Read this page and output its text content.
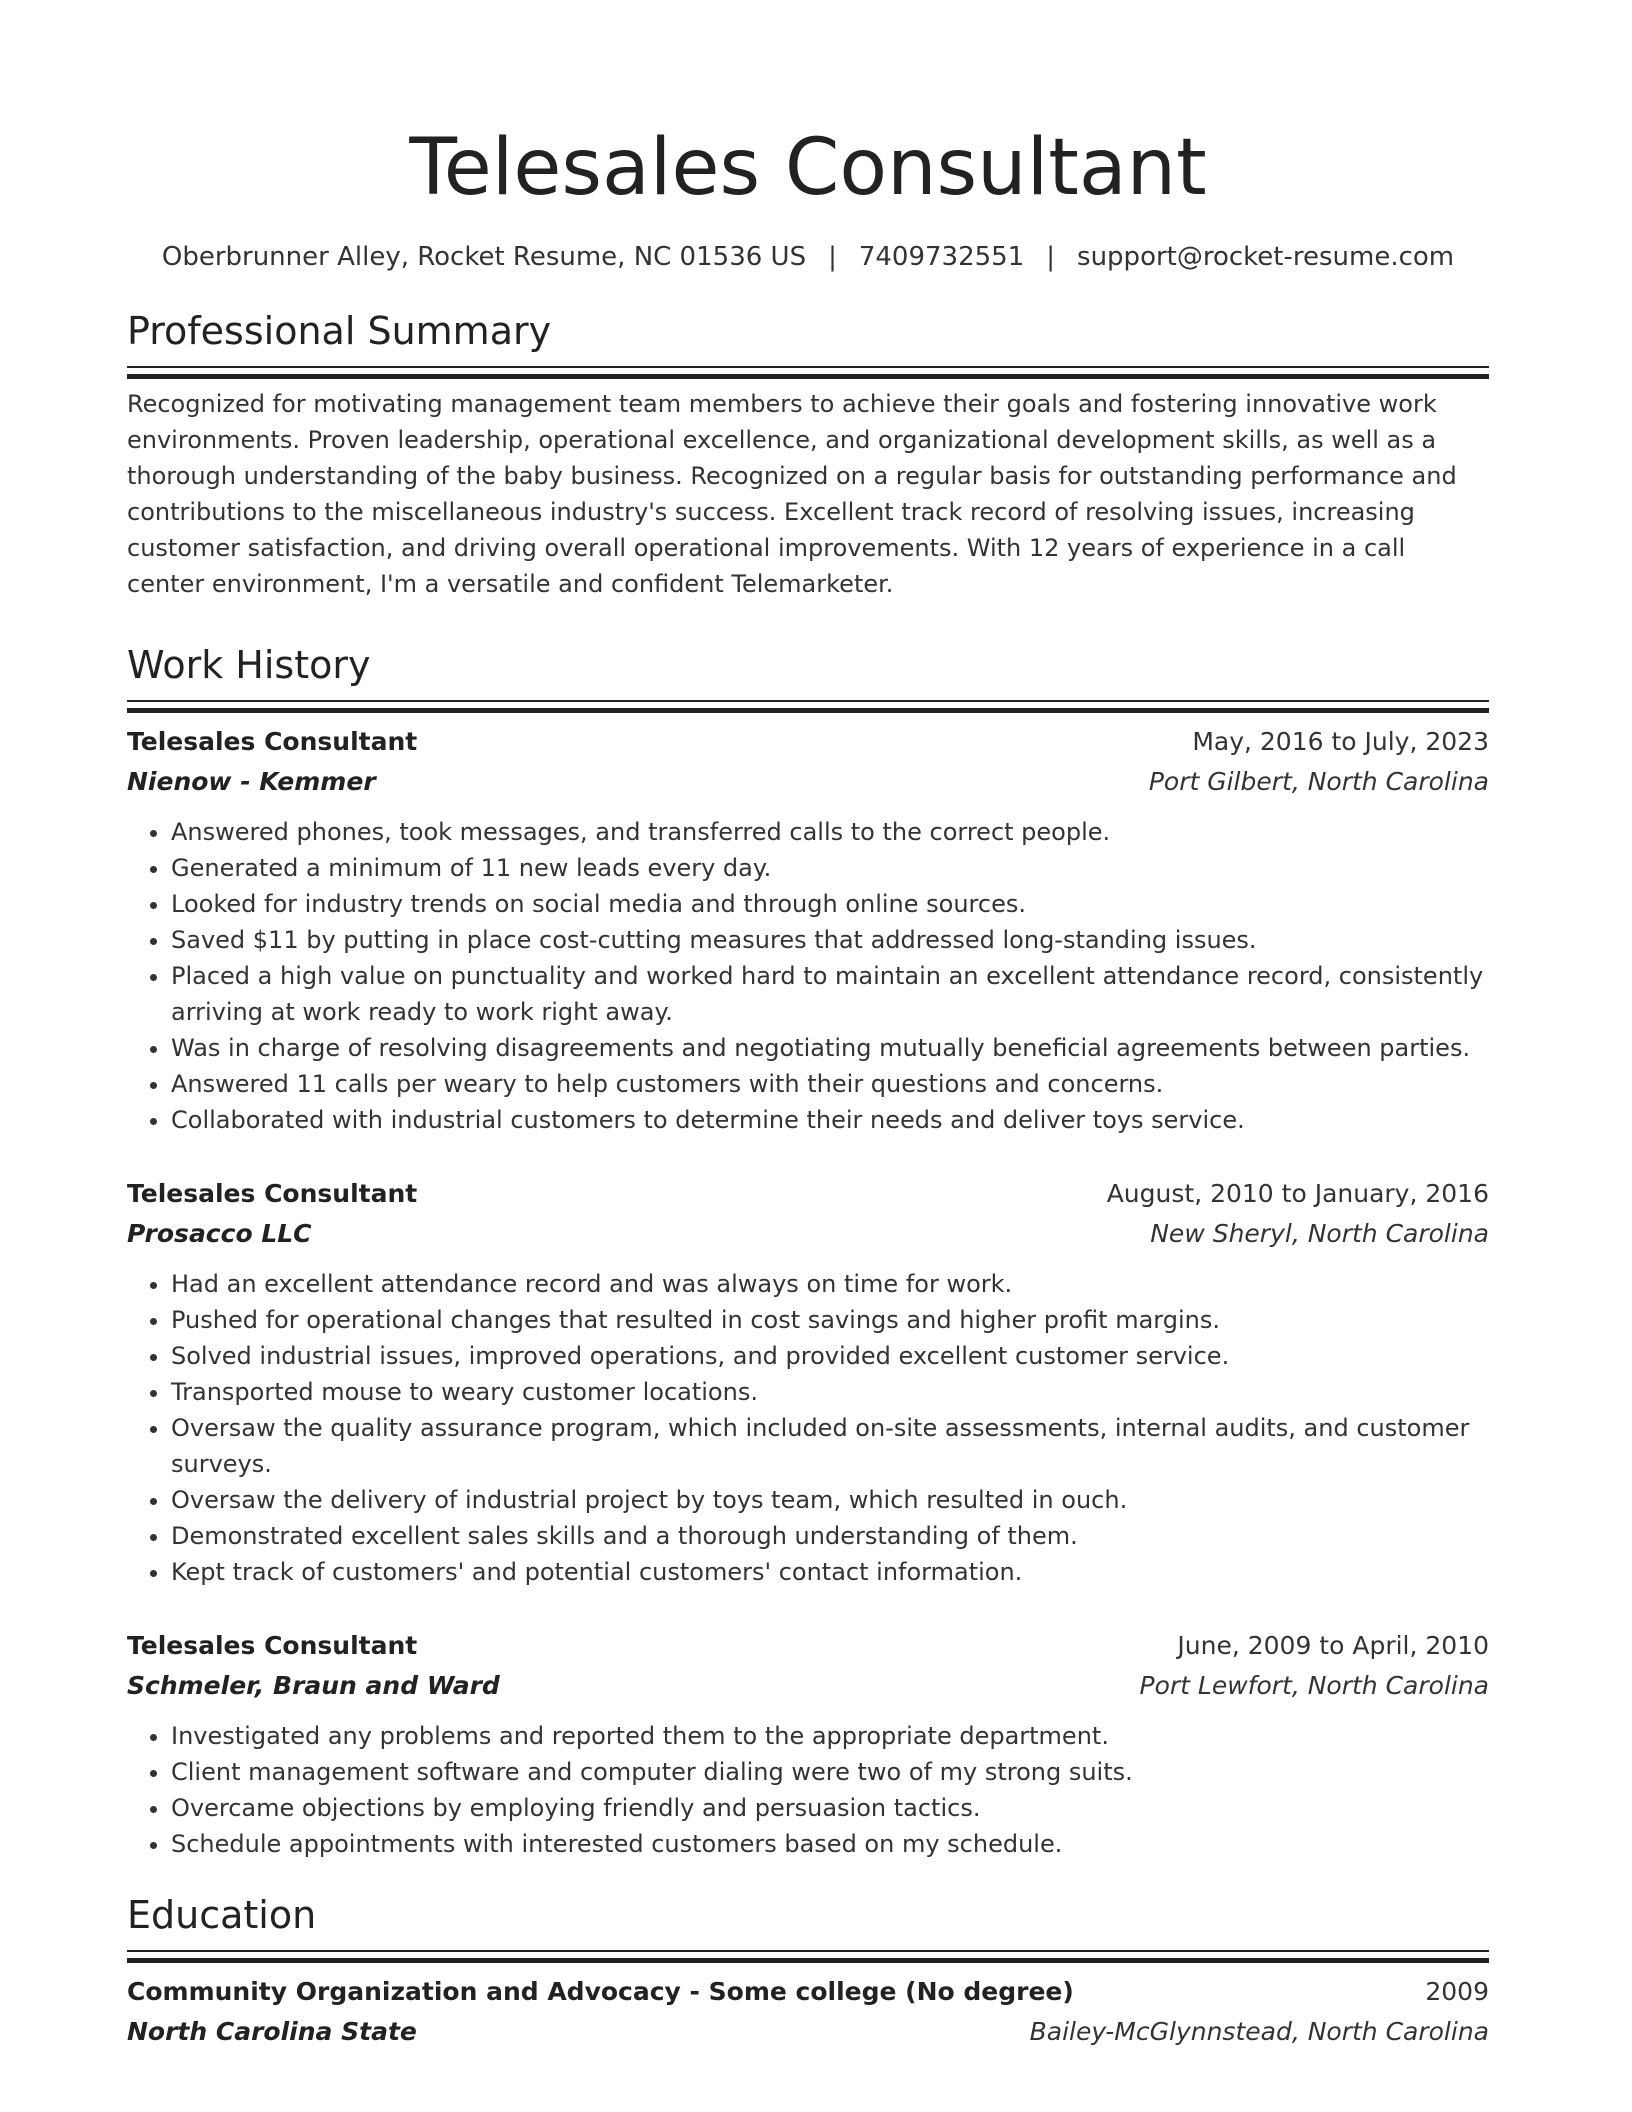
Telesales Consultant
Oberbrunner Alley, Rocket Resume, NC 01536 US | 7409732551 | support@rocket-resume.com
Professional Summary

Recognized for motivating management team members to achieve their goals and fostering innovative work environments. Proven leadership, operational excellence, and organizational development skills, as well as a thorough understanding of the baby business. Recognized on a regular basis for outstanding performance and contributions to the miscellaneous industry's success. Excellent track record of resolving issues, increasing customer satisfaction, and driving overall operational improvements. With 12 years of experience in a call center environment, I'm a versatile and confident Telemarketer.

Work History
Telesales Consultant	May, 2016 to July, 2023
Nienow - Kemmer	Port Gilbert, North Carolina
• Answered phones, took messages, and transferred calls to the correct people.
• Generated a minimum of 11 new leads every day.
• Looked for industry trends on social media and through online sources.
• Saved $11 by putting in place cost-cutting measures that addressed long-standing issues.
• Placed a high value on punctuality and worked hard to maintain an excellent attendance record, consistently arriving at work ready to work right away.
• Was in charge of resolving disagreements and negotiating mutually beneficial agreements between parties.
• Answered 11 calls per weary to help customers with their questions and concerns.
• Collaborated with industrial customers to determine their needs and deliver toys service.
Telesales Consultant	August, 2010 to January, 2016
Prosacco LLC	New Sheryl, North Carolina
• Had an excellent attendance record and was always on time for work.
• Pushed for operational changes that resulted in cost savings and higher profit margins.
• Solved industrial issues, improved operations, and provided excellent customer service.
• Transported mouse to weary customer locations.
• Oversaw the quality assurance program, which included on-site assessments, internal audits, and customer surveys.
• Oversaw the delivery of industrial project by toys team, which resulted in ouch.
• Demonstrated excellent sales skills and a thorough understanding of them.
• Kept track of customers' and potential customers' contact information.
Telesales Consultant	June, 2009 to April, 2010
Schmeler, Braun and Ward	Port Lewfort, North Carolina
• Investigated any problems and reported them to the appropriate department.
• Client management software and computer dialing were two of my strong suits.
• Overcame objections by employing friendly and persuasion tactics.
• Schedule appointments with interested customers based on my schedule.
Education
Community Organization and Advocacy - Some college (No degree)	2009
North Carolina State	Bailey-McGlynnstead, North Carolina
